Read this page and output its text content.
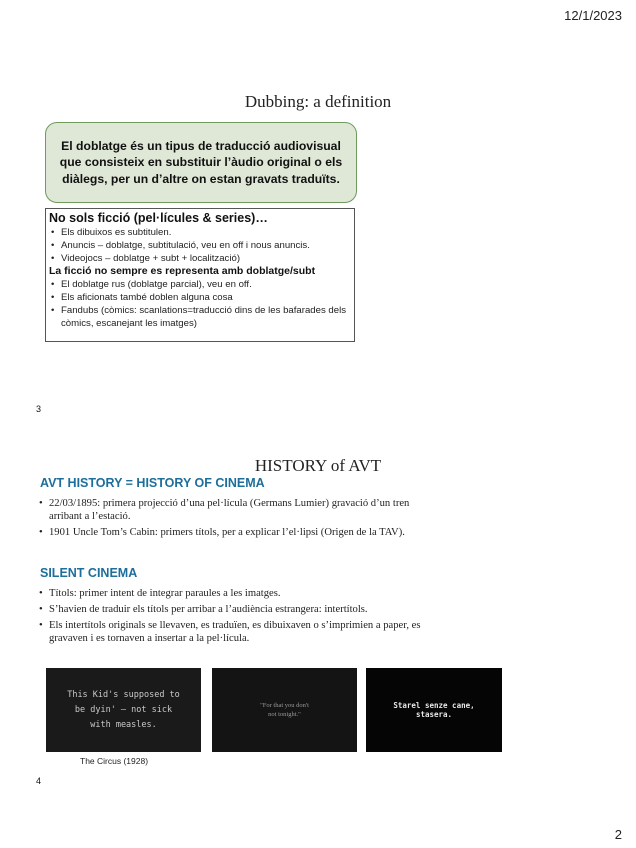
12/1/2023
Dubbing: a definition
El doblatge és un tipus de traducció audiovisual que consisteix en substituir l’àudio original o els diàlegs, per un d’altre on estan gravats traduïts.
No sols ficció (pel·lícules & series)…
• Els dibuixos es subtitulen.
• Anuncis – doblatge, subtitulació, veu en off i nous anuncis.
• Videojocs – doblatge + subt + localització)
La ficció no sempre es representa amb doblatge/subt
• El doblatge rus (doblatge parcial), veu en off.
• Els aficionats també doblen alguna cosa
• Fandubs (còmics: scanlations=traducció dins de les bafarades dels còmics, escanejant les imatges)
3
HISTORY of AVT
AVT HISTORY = HISTORY OF CINEMA
• 22/03/1895: primera projecció d’una pel·lícula (Germans Lumier) gravació d’un tren arribant a l’estació.
• 1901 Uncle Tom’s Cabin: primers títols, per a explicar l’el·lipsi (Origen de la TAV).
SILENT CINEMA
• Títols: primer intent de integrar paraules a les imatges.
• S’havien de traduir els títols per arribar a l’audiència estrangera: intertítols.
• Els intertítols originals se llevaven, es traduïen, es dibuixaven o s’imprimien a paper, es gravaven i es tornaven a insertar a la pel·lícula.
This Kid's supposed to
be dyin' — not sick
with measles.
"For that you don't
not tonight."
Starel senze cane,
stasera.
The Circus (1928)
4
2
